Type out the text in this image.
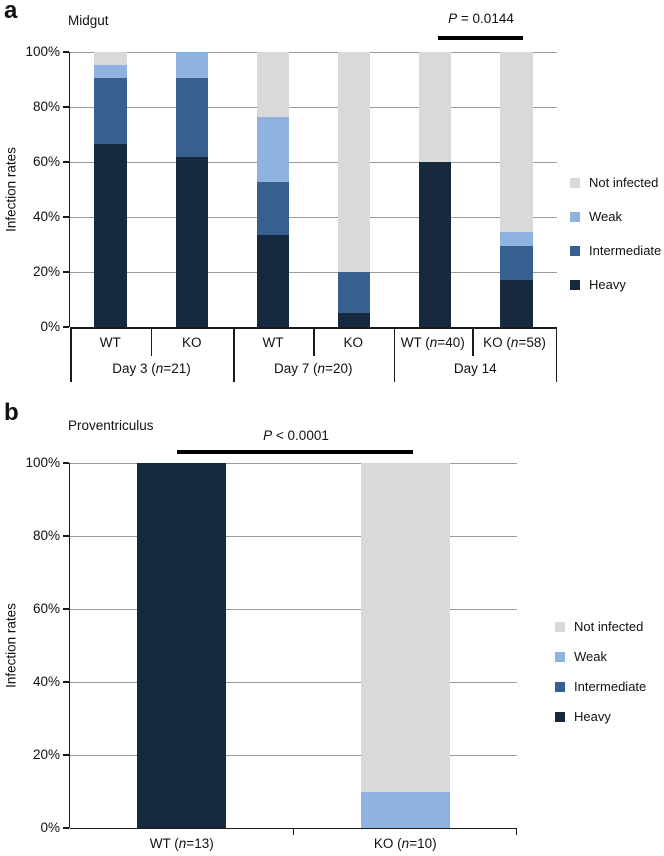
a	Midgut	P = 0.0144
Infection rates
100%
80%
60%
40%
20%
0%
WT	KO	WT	KO	WT (n=40) KO (n=58)
Day 3 (n=21)	Day 7 (n=20)	Day 14
Not infected
Weak
Intermediate
Heavy
b	Proventriculus
P < 0.0001
Infection rates
100%
80%
60%
40%
20%
0%
WT (n=13)	KO (n=10)
Not infected
Weak
Intermediate
Heavy
